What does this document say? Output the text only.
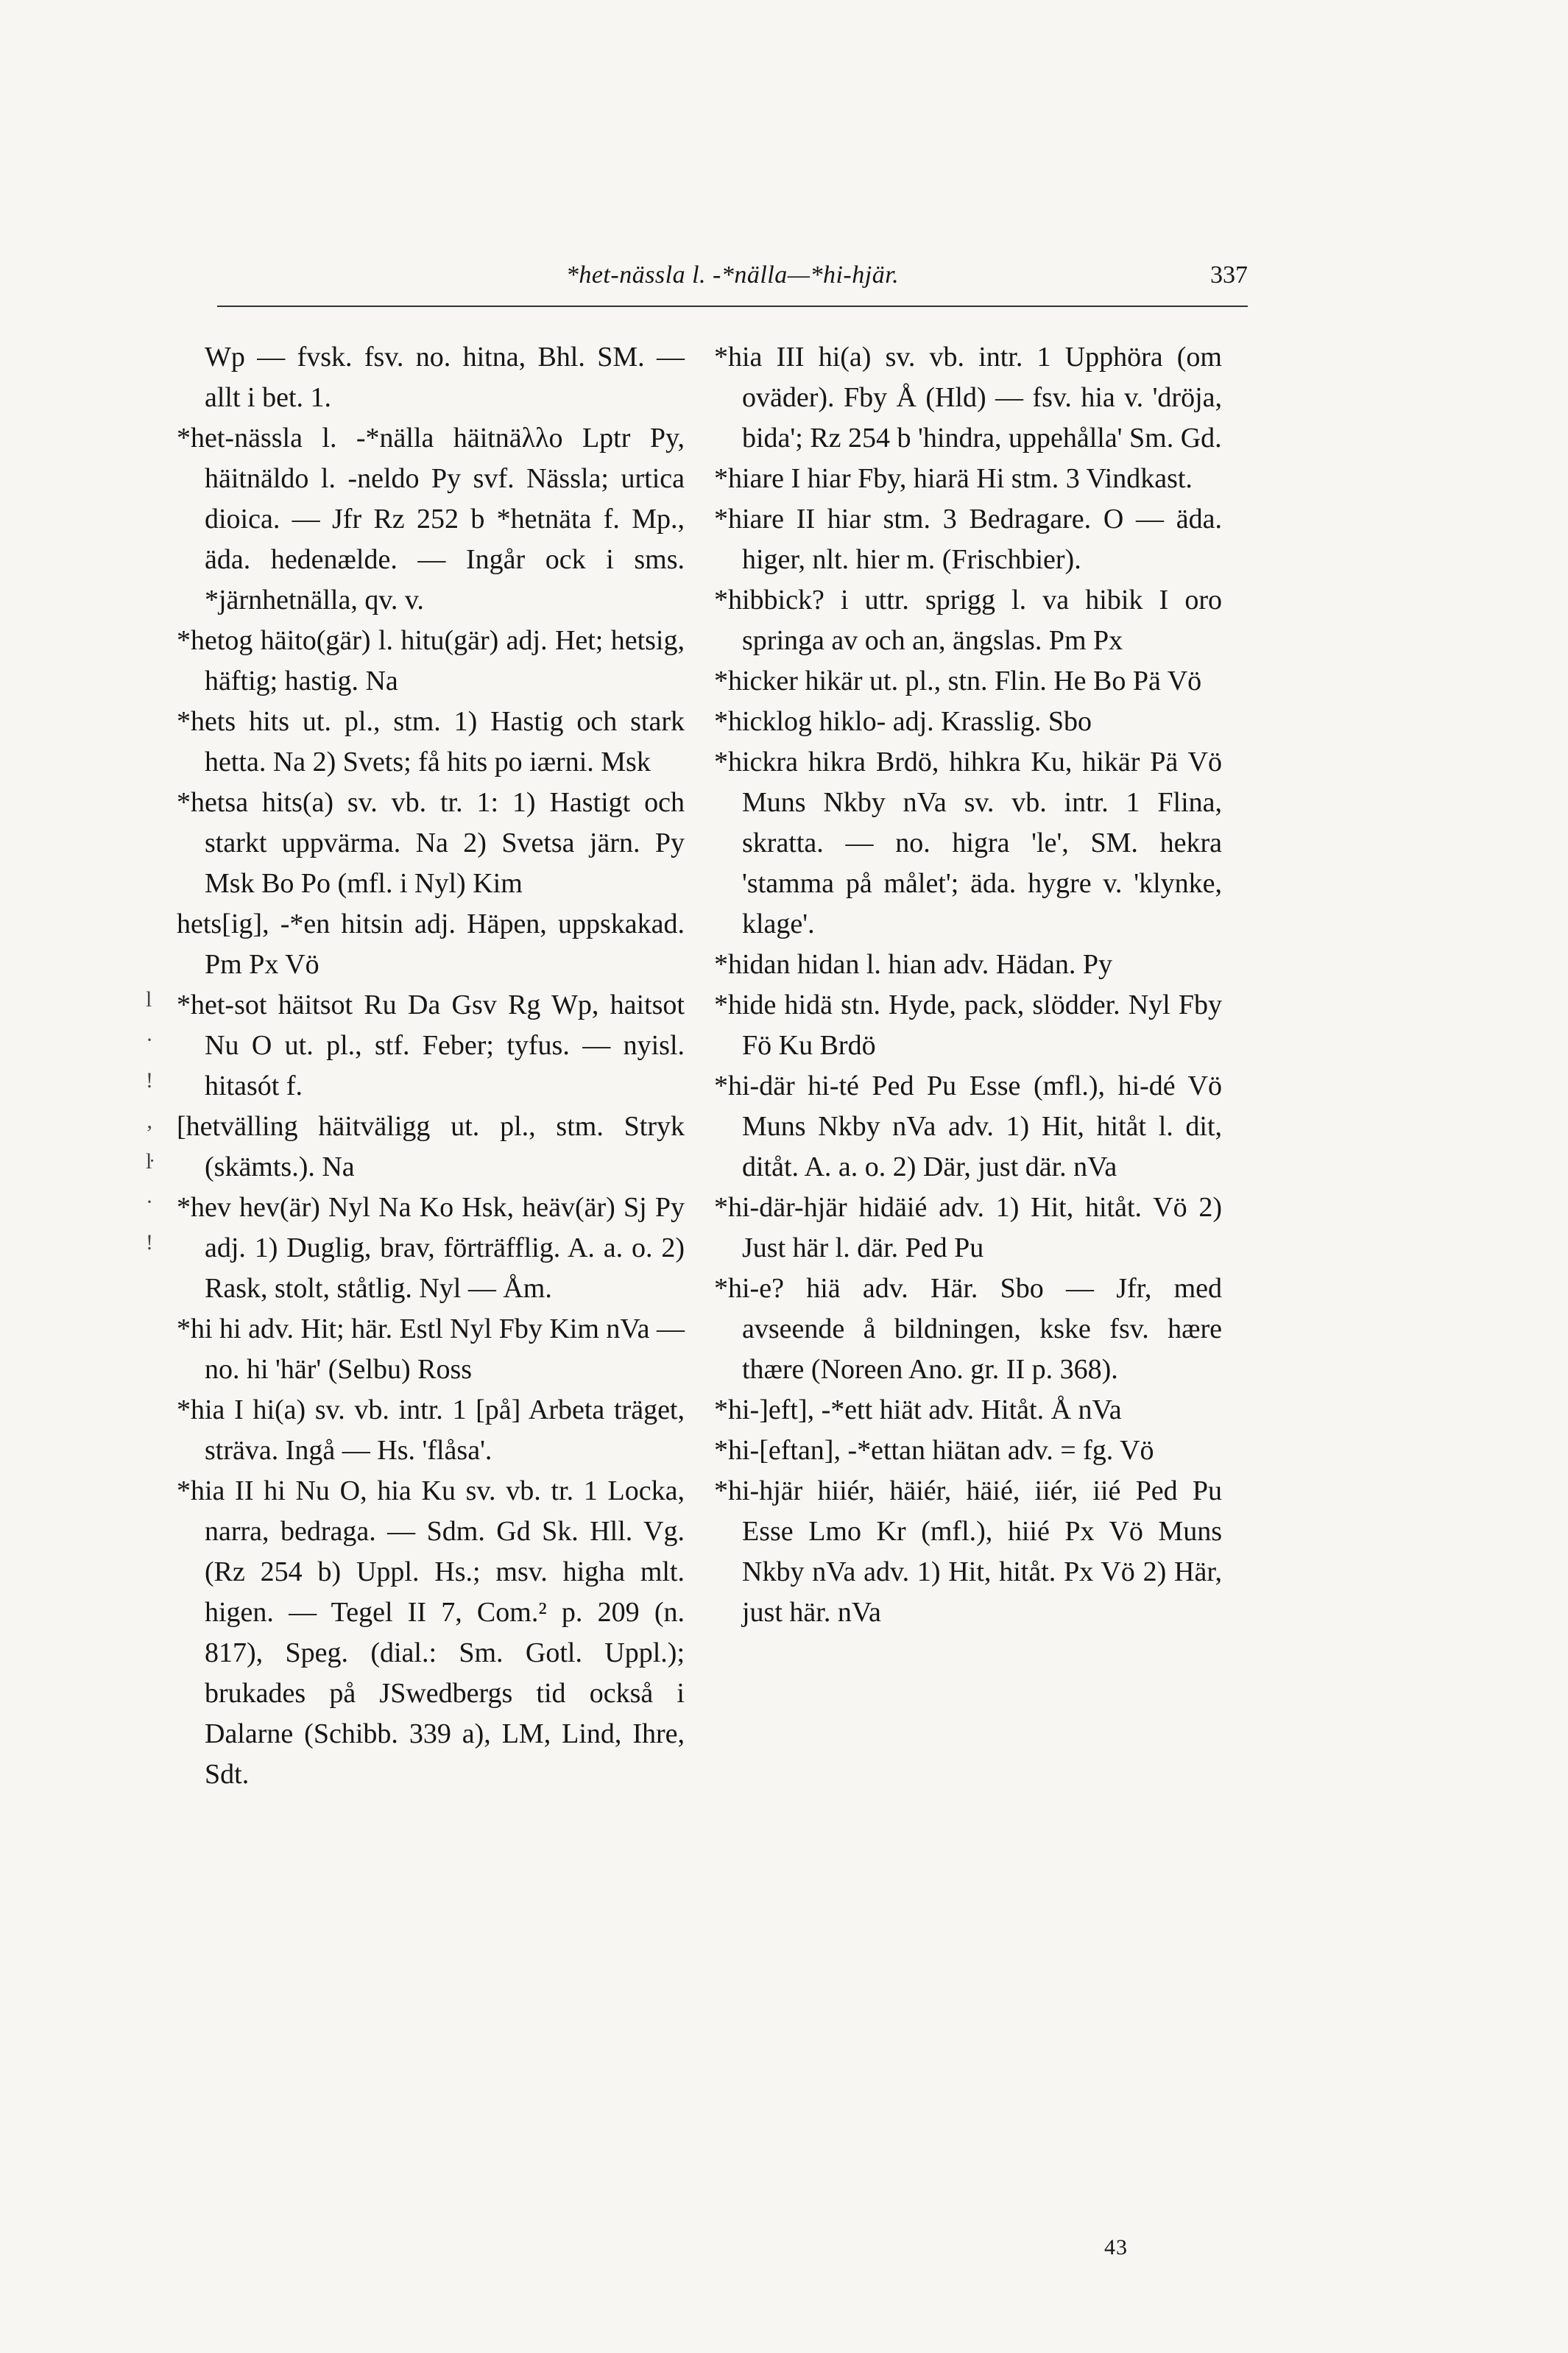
*het-nässla l. -*nälla—*hi-hjär.	337

Wp — fvsk. fsv. no. hitna, Bhl. SM. — allt i bet. 1.

*het-nässla l. -*nälla häitnäλλo Lptr Py, häitnäldo l. -neldo Py svf. Nässla; urtica dioica. — Jfr Rz 252 b *hetnäta f. Mp., äda. hedenælde. — Ingår ock i sms. *järnhetnälla, qv. v.

*hetog häito(gär) l. hitu(gär) adj. Het; hetsig, häftig; hastig. Na

*hets hits ut. pl., stm. 1) Hastig och stark hetta. Na 2) Svets; få hits po iærni. Msk

*hetsa hits(a) sv. vb. tr. 1: 1) Hastigt och starkt uppvärma. Na 2) Svetsa järn. Py Msk Bo Po (mfl. i Nyl) Kim

hets[ig], -*en hitsin adj. Häpen, uppskakad. Pm Px Vö

*het-sot häitsot Ru Da Gsv Rg Wp, haitsot Nu O ut. pl., stf. Feber; tyfus. — nyisl. hitasót f.

[hetvälling häitväligg ut. pl., stm. Stryk (skämts.). Na

*hev hev(är) Nyl Na Ko Hsk, heäv(är) Sj Py adj. 1) Duglig, brav, förträfflig. A. a. o. 2) Rask, stolt, ståtlig. Nyl — Åm.

*hi hi adv. Hit; här. Estl Nyl Fby Kim nVa — no. hi 'här' (Selbu) Ross

*hia I hi(a) sv. vb. intr. 1 [på] Arbeta träget, sträva. Ingå — Hs. 'flåsa'.

*hia II hi Nu O, hia Ku sv. vb. tr. 1 Locka, narra, bedraga. — Sdm. Gd Sk. Hll. Vg. (Rz 254 b) Uppl. Hs.; msv. higha mlt. higen. — Tegel II 7, Com.² p. 209 (n. 817), Speg. (dial.: Sm. Gotl. Uppl.); brukades på JSwedbergs tid också i Dalarne (Schibb. 339 a), LM, Lind, Ihre, Sdt.

*hia III hi(a) sv. vb. intr. 1 Upphöra (om oväder). Fby Å (Hld) — fsv. hia v. 'dröja, bida'; Rz 254 b 'hindra, uppehålla' Sm. Gd.

*hiare I hiar Fby, hiarä Hi stm. 3 Vindkast.

*hiare II hiar stm. 3 Bedragare. O — äda. higer, nlt. hier m. (Frischbier).

*hibbick? i uttr. sprigg l. va hibik I oro springa av och an, ängslas. Pm Px

*hicker hikär ut. pl., stn. Flin. He Bo Pä Vö

*hicklog hiklo- adj. Krasslig. Sbo

*hickra hikra Brdö, hihkra Ku, hikär Pä Vö Muns Nkby nVa sv. vb. intr. 1 Flina, skratta. — no. higra 'le', SM. hekra 'stamma på målet'; äda. hygre v. 'klynke, klage'.

*hidan hidan l. hian adv. Hädan. Py

*hide hidä stn. Hyde, pack, slödder. Nyl Fby Fö Ku Brdö

*hi-där hi-té Ped Pu Esse (mfl.), hi-dé Vö Muns Nkby nVa adv. 1) Hit, hitåt l. dit, ditåt. A. a. o. 2) Där, just där. nVa

*hi-där-hjär hidäié adv. 1) Hit, hitåt. Vö 2) Just här l. där. Ped Pu

*hi-e? hiä adv. Här. Sbo — Jfr, med avseende å bildningen, kske fsv. hære thære (Noreen Ano. gr. II p. 368).

*hi-]eft], -*ett hiät adv. Hitåt. Å nVa

*hi-[eftan], -*ettan hiätan adv. = fg. Vö

*hi-hjär hiiér, häiér, häié, iiér, iié Ped Pu Esse Lmo Kr (mfl.), hiié Px Vö Muns Nkby nVa adv. 1) Hit, hitåt. Px Vö 2) Här, just här. nVa

l
·
ǃ
‚
ŀ
·
ǃ
43
